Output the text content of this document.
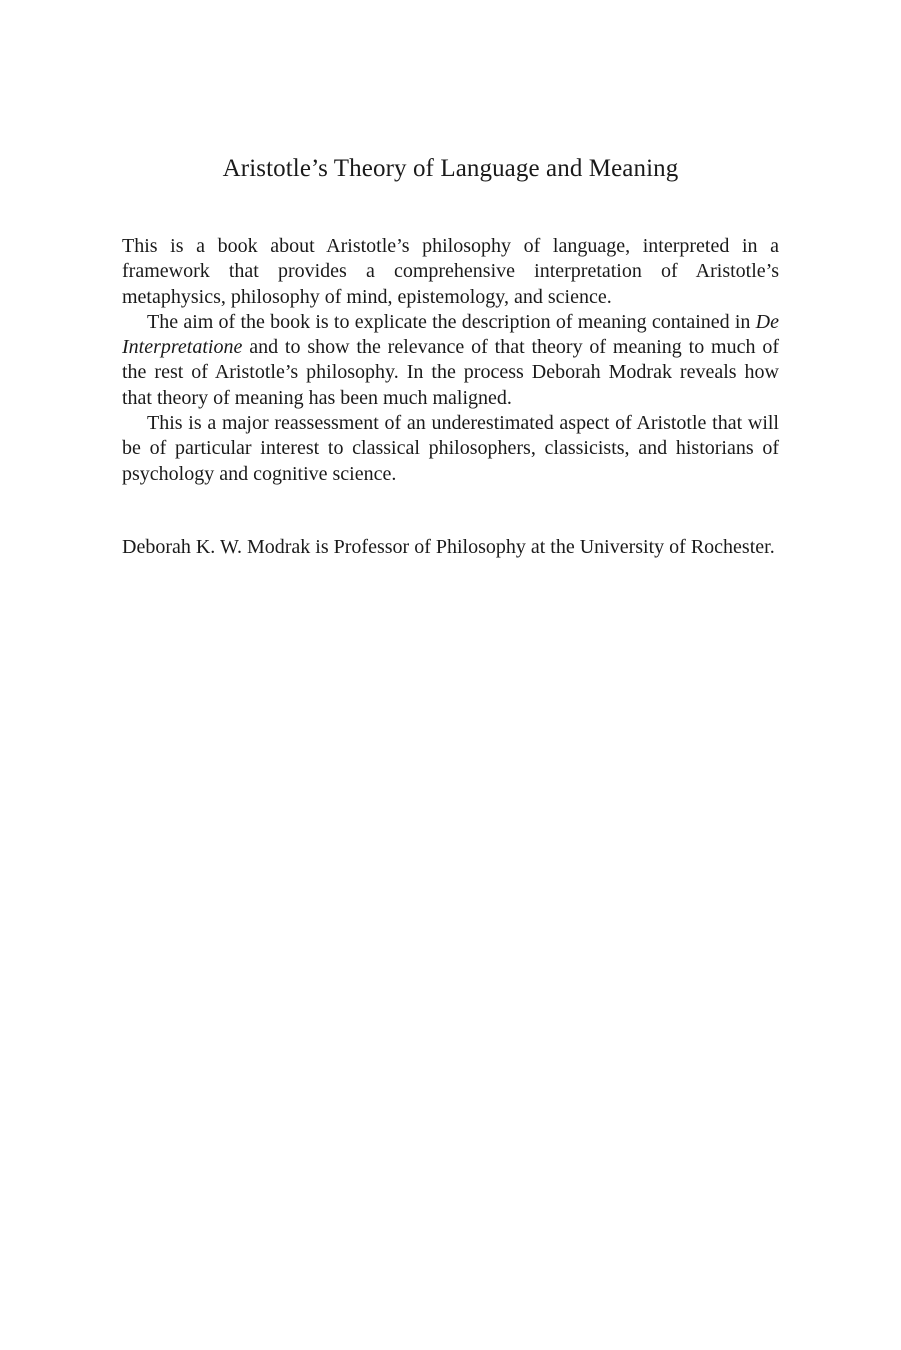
Aristotle’s Theory of Language and Meaning

This is a book about Aristotle’s philosophy of language, interpreted in a framework that provides a comprehensive interpretation of Aristotle’s metaphysics, philosophy of mind, epistemology, and science.

The aim of the book is to explicate the description of meaning contained in De Interpretatione and to show the relevance of that theory of meaning to much of the rest of Aristotle’s philosophy. In the process Deborah Modrak reveals how that theory of meaning has been much maligned.

This is a major reassessment of an underestimated aspect of Aristotle that will be of particular interest to classical philosophers, classicists, and historians of psychology and cognitive science.

Deborah K. W. Modrak is Professor of Philosophy at the University of Rochester.
